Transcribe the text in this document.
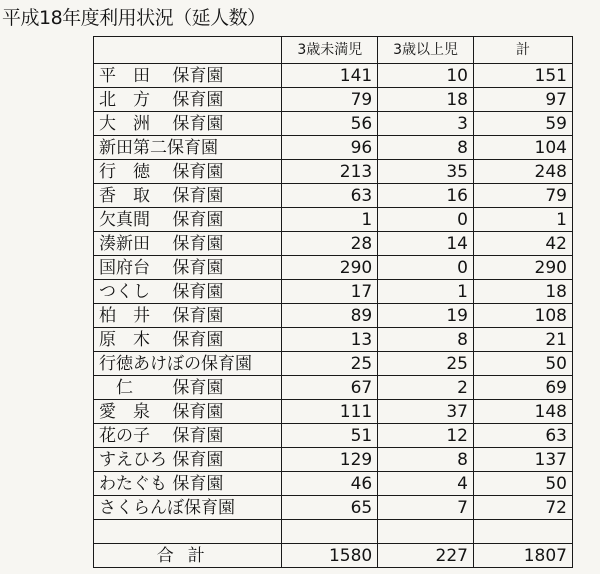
平成18年度利用状況（延人数）
	3歳未満児	3歳以上児	計
平　田　 保育園	141	10	151
北　方　 保育園	79	18	97
大　洲　 保育園	56	3	59
新田第二保育園	96	8	104
行　徳　 保育園	213	35	248
香　取　 保育園	63	16	79
欠真間　 保育園	1	0	1
湊新田　 保育園	28	14	42
国府台　 保育園	290	0	290
つくし　 保育園	17	1	18
柏　井　 保育園	89	19	108
原　木　 保育園	13	8	21
行徳あけぼの保育園	25	25	50
　仁　　 保育園	67	2	69
愛　泉　 保育園	111	37	148
花の子　 保育園	51	12	63
すえひろ 保育園	129	8	137
わたぐも 保育園	46	4	50
さくらんぼ保育園	65	7	72

合計	1580	227	1807
